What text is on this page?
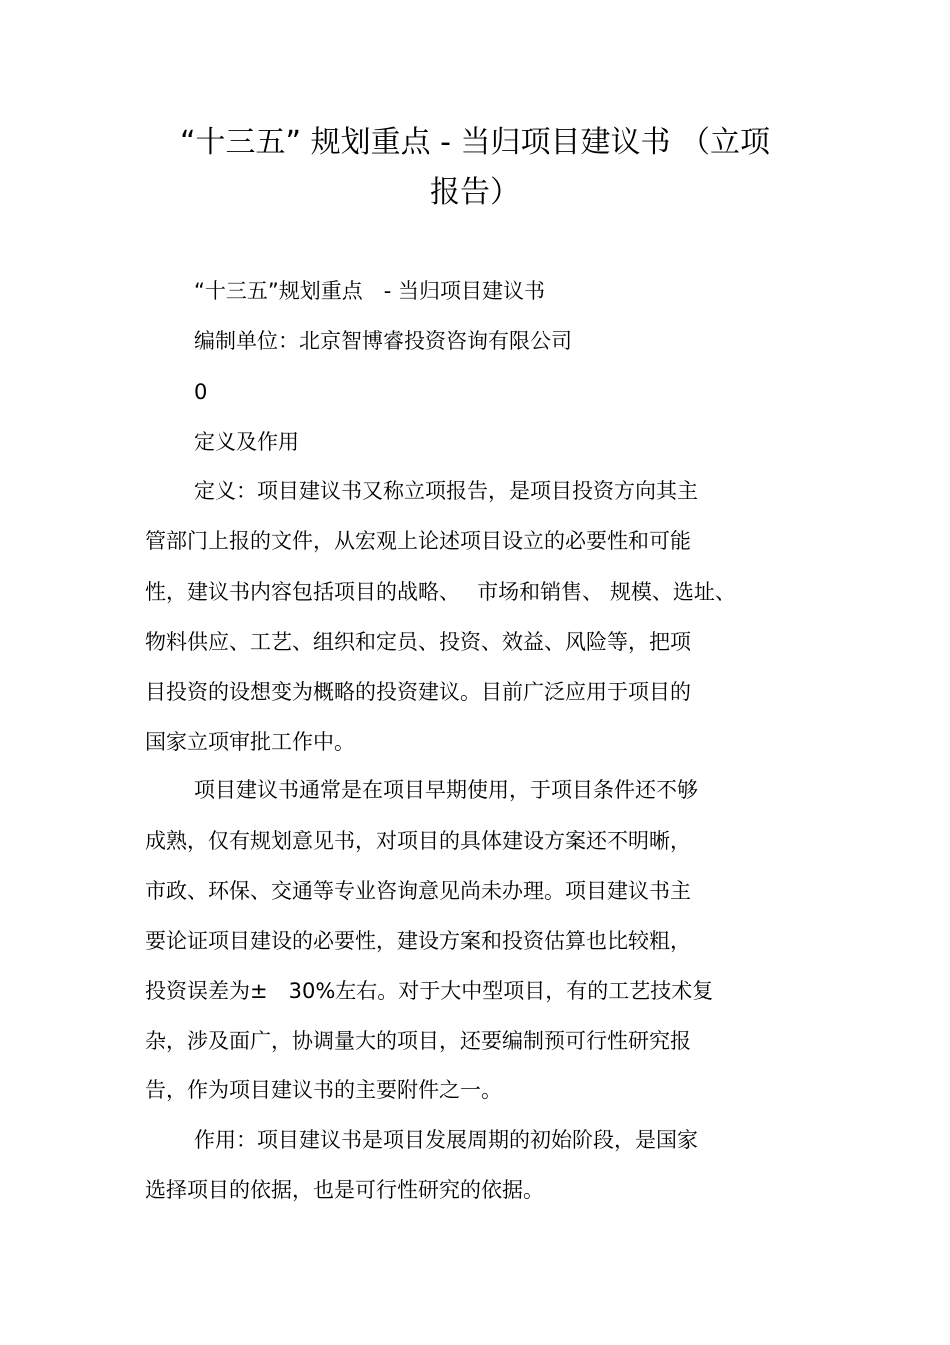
“十三五” 规划重点 - 当归项目建议书 （立项
报告）

“十三五”规划重点　- 当归项目建议书

编制单位：北京智博睿投资咨询有限公司

0

定义及作用

定义：项目建议书又称立项报告，是项目投资方向其主

管部门上报的文件，从宏观上论述项目设立的必要性和可能

性，建议书内容包括项目的战略、　 市场和销售、 规模、选址、

物料供应、工艺、组织和定员、投资、效益、风险等，把项

目投资的设想变为概略的投资建议。目前广泛应用于项目的

国家立项审批工作中。

项目建议书通常是在项目早期使用，于项目条件还不够

成熟，仅有规划意见书，对项目的具体建设方案还不明晰，

市政、环保、交通等专业咨询意见尚未办理。项目建议书主

要论证项目建设的必要性，建设方案和投资估算也比较粗，

投资误差为±　30%左右。对于大中型项目，有的工艺技术复

杂，涉及面广，协调量大的项目，还要编制预可行性研究报

告，作为项目建议书的主要附件之一。

作用：项目建议书是项目发展周期的初始阶段，是国家

选择项目的依据，也是可行性研究的依据。
